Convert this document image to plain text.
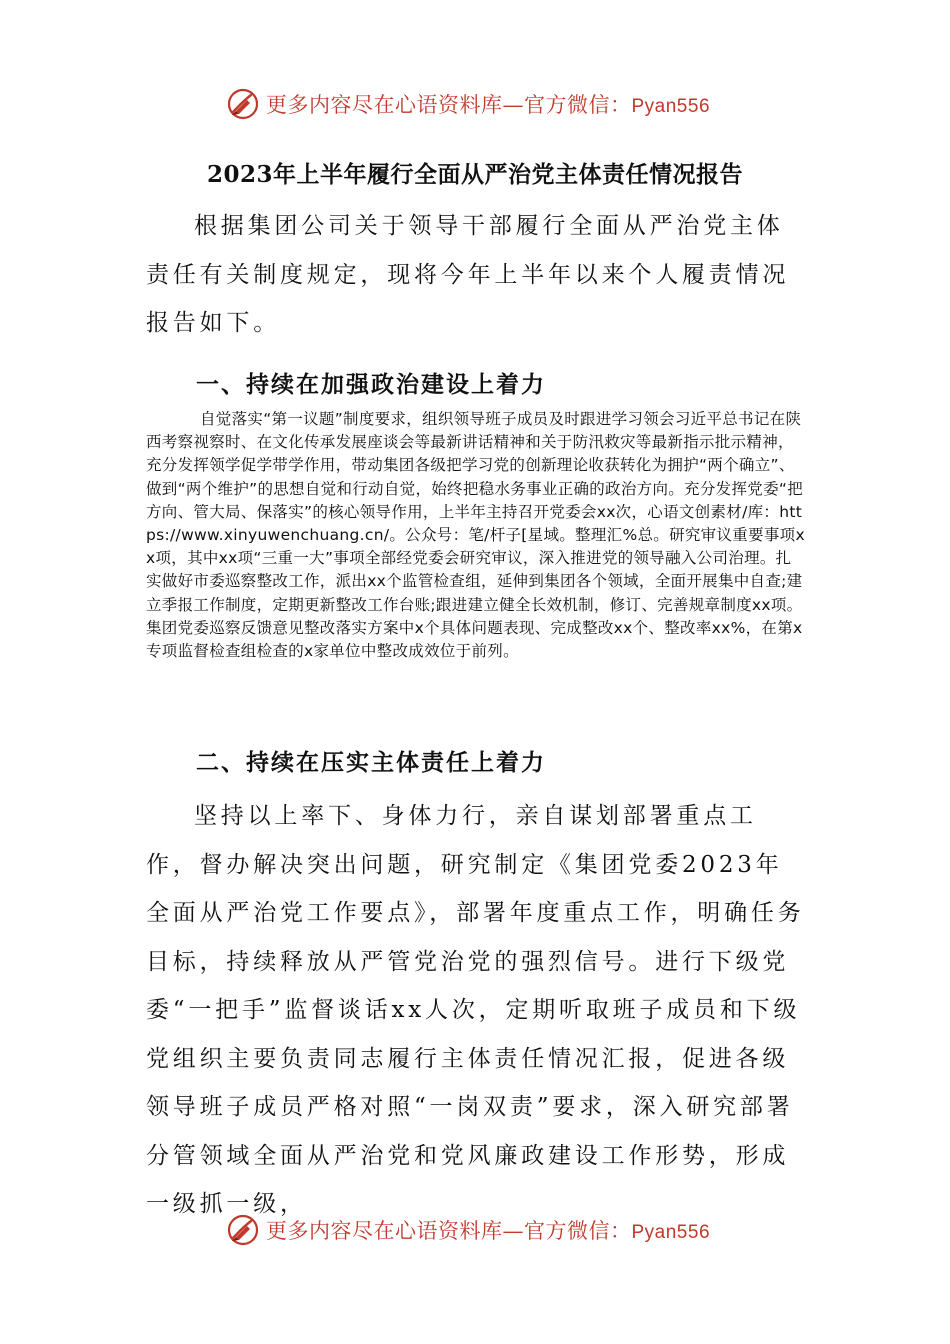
更多内容尽在心语资料库—官方微信：Pyan556
2023年上半年履行全面从严治党主体责任情况报告

根据集团公司关于领导干部履行全面从严治党主体责任有关制度规定，现将今年上半年以来个人履责情况报告如下。

一、持续在加强政治建设上着力

自觉落实“第一议题”制度要求，组织领导班子成员及时跟进学习领会习近平总书记在陕西考察视察时、在文化传承发展座谈会等最新讲话精神和关于防汛救灾等最新指示批示精神，充分发挥领学促学带学作用，带动集团各级把学习党的创新理论收获转化为拥护“两个确立”、做到“两个维护”的思想自觉和行动自觉，始终把稳水务事业正确的政治方向。充分发挥党委“把方向、管大局、保落实”的核心领导作用，上半年主持召开党委会xx次，心语文创素材/库：https://www.xinyuwenchuang.cn/。公众号：笔/杆子[星域。整理汇%总。研究审议重要事项xx项，其中xx项“三重一大”事项全部经党委会研究审议，深入推进党的领导融入公司治理。扎实做好市委巡察整改工作，派出xx个监管检查组，延伸到集团各个领域，全面开展集中自查;建立季报工作制度，定期更新整改工作台账;跟进建立健全长效机制，修订、完善规章制度xx项。集团党委巡察反馈意见整改落实方案中x个具体问题表现、完成整改xx个、整改率xx%，在第x专项监督检查组检查的x家单位中整改成效位于前列。

二、持续在压实主体责任上着力

坚持以上率下、身体力行，亲自谋划部署重点工作，督办解决突出问题，研究制定《集团党委2023年全面从严治党工作要点》，部署年度重点工作，明确任务目标，持续释放从严管党治党的强烈信号。进行下级党委“一把手”监督谈话xx人次，定期听取班子成员和下级党组织主要负责同志履行主体责任情况汇报，促进各级领导班子成员严格对照“一岗双责”要求，深入研究部署分管领域全面从严治党和党风廉政建设工作形势，形成一级抓一级，

更多内容尽在心语资料库—官方微信：Pyan556
